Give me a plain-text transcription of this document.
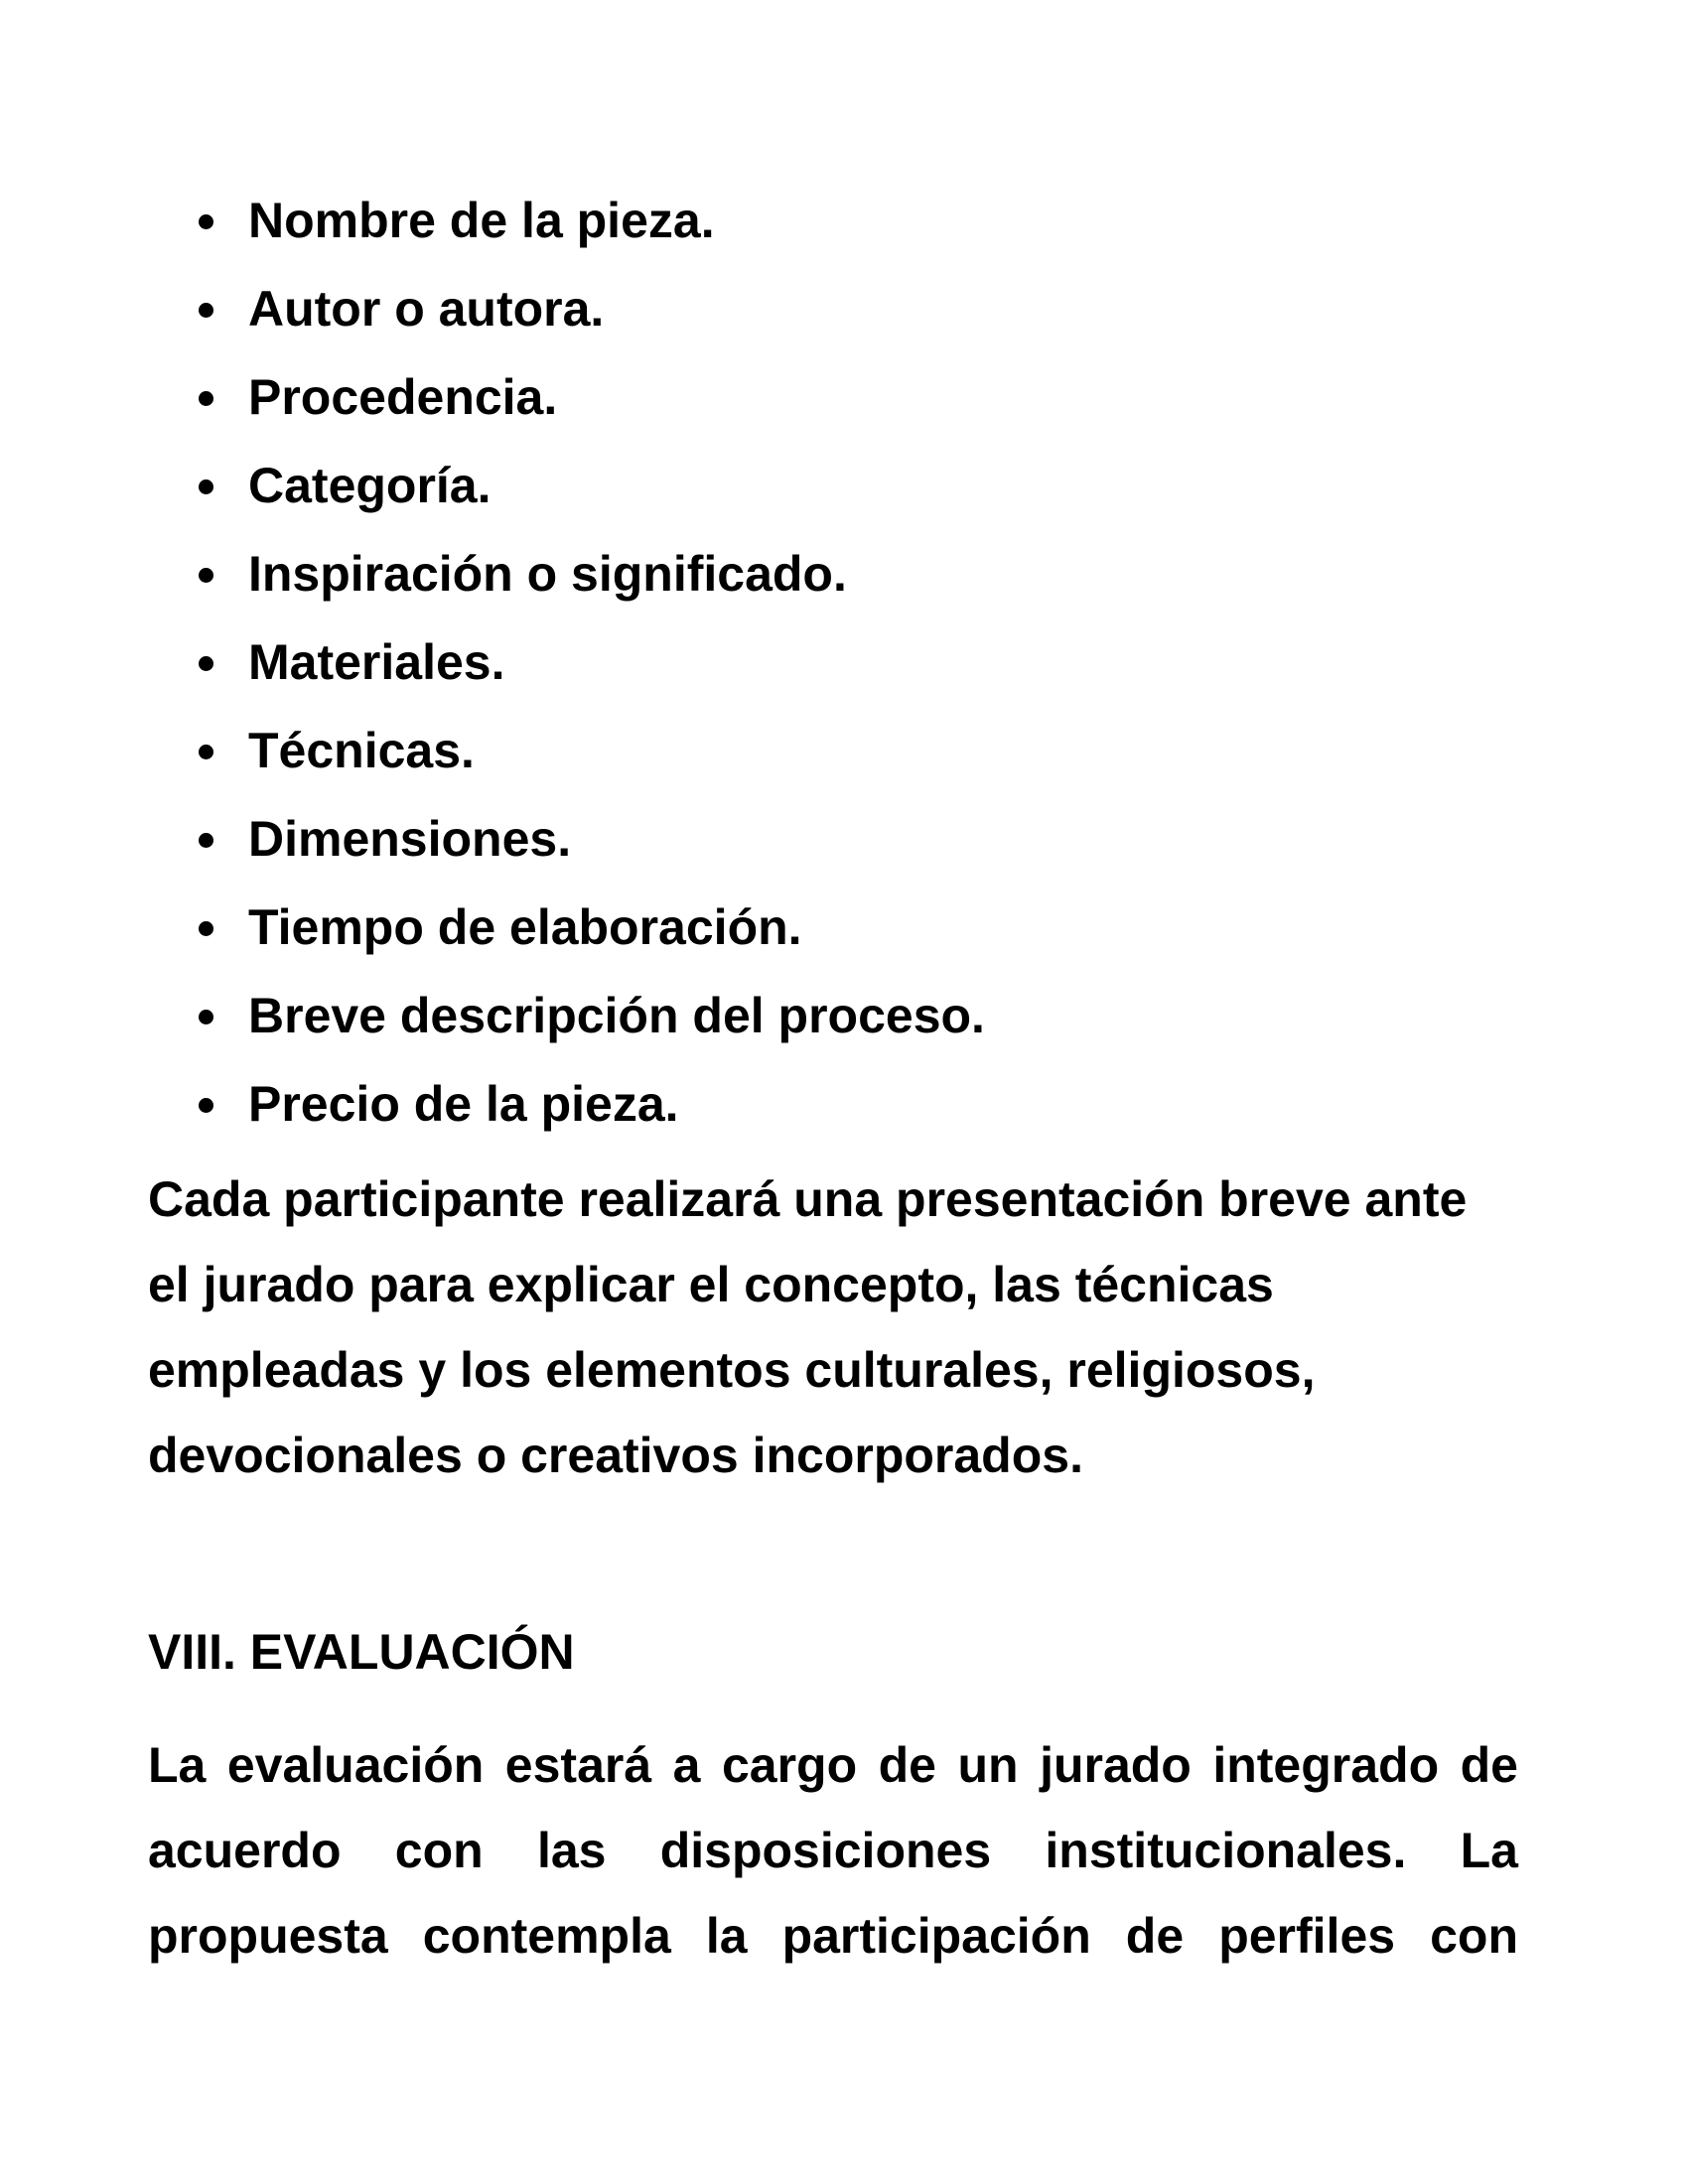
Nombre de la pieza.
Autor o autora.
Procedencia.
Categoría.
Inspiración o significado.
Materiales.
Técnicas.
Dimensiones.
Tiempo de elaboración.
Breve descripción del proceso.
Precio de la pieza.

Cada participante realizará una presentación breve ante el jurado para explicar el concepto, las técnicas empleadas y los elementos culturales, religiosos, devocionales o creativos incorporados.

VIII. EVALUACIÓN

La evaluación estará a cargo de un jurado integrado de acuerdo con las disposiciones institucionales. La propuesta contempla la participación de perfiles con
